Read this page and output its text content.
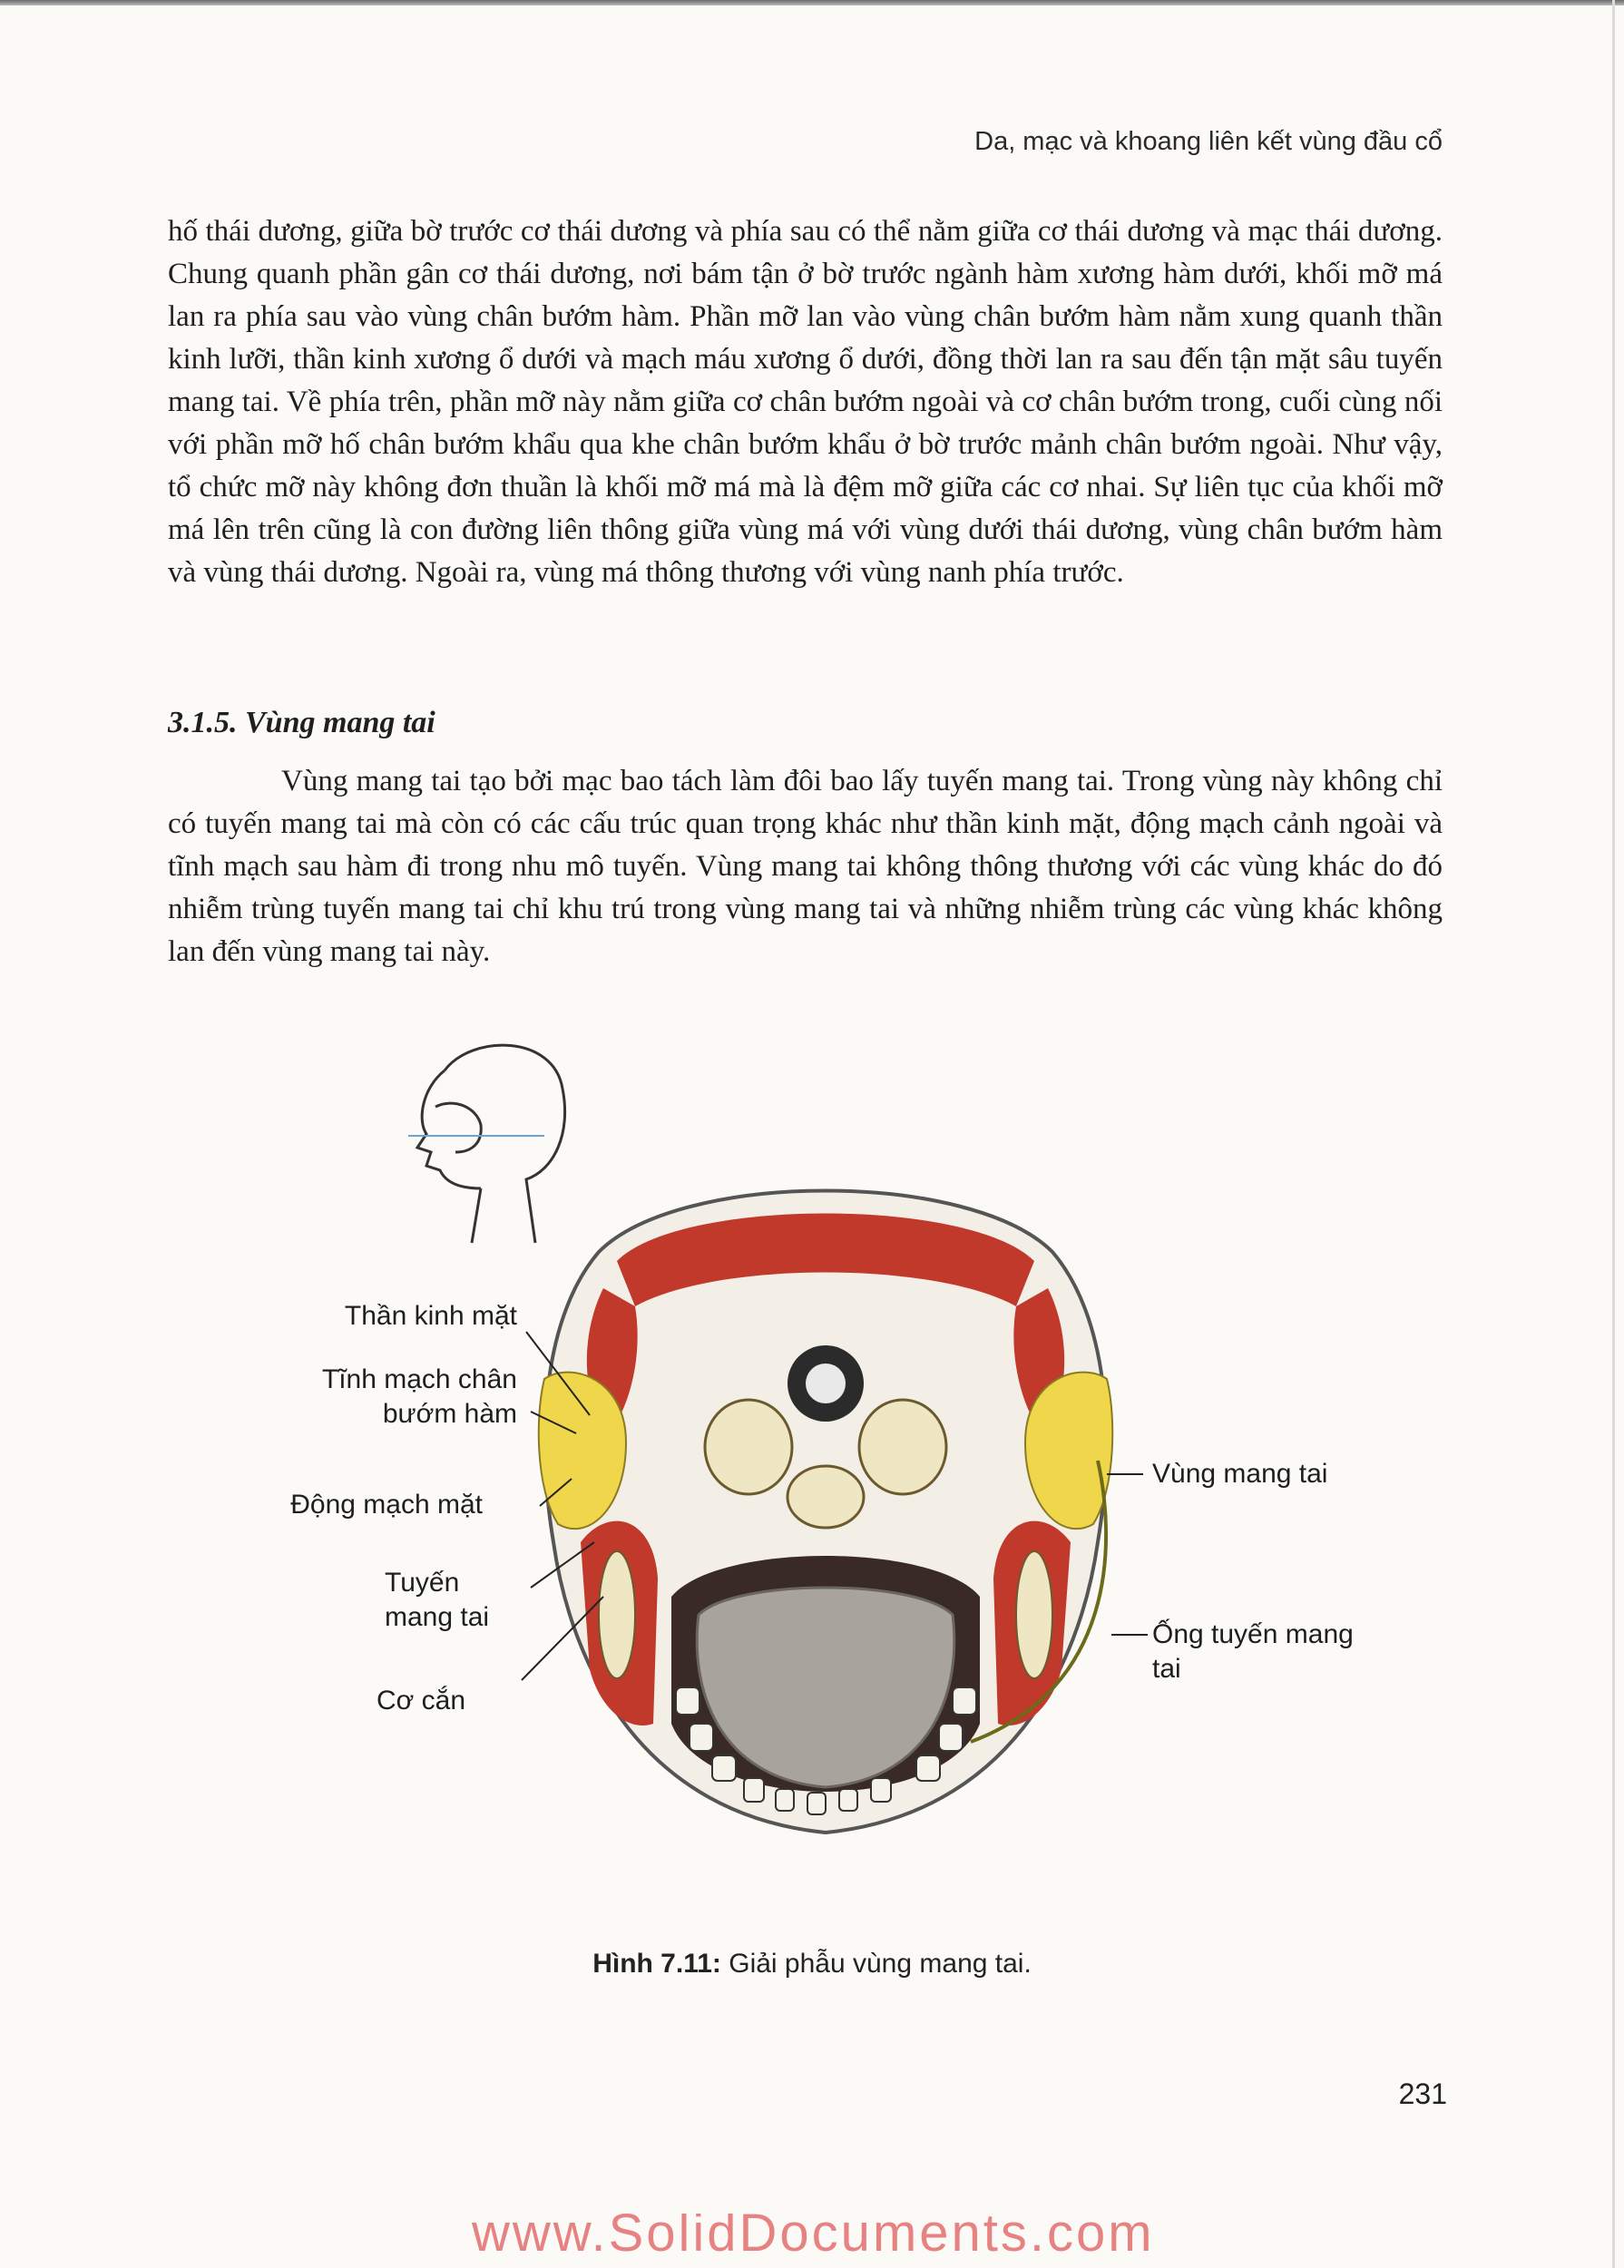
Da, mạc và khoang liên kết vùng đầu cổ

hố thái dương, giữa bờ trước cơ thái dương và phía sau có thể nằm giữa cơ thái dương và mạc thái dương. Chung quanh phần gân cơ thái dương, nơi bám tận ở bờ trước ngành hàm xương hàm dưới, khối mỡ má lan ra phía sau vào vùng chân bướm hàm. Phần mỡ lan vào vùng chân bướm hàm nằm xung quanh thần kinh lưỡi, thần kinh xương ổ dưới và mạch máu xương ổ dưới, đồng thời lan ra sau đến tận mặt sâu tuyến mang tai. Về phía trên, phần mỡ này nằm giữa cơ chân bướm ngoài và cơ chân bướm trong, cuối cùng nối với phần mỡ hố chân bướm khẩu qua khe chân bướm khẩu ở bờ trước mảnh chân bướm ngoài. Như vậy, tổ chức mỡ này không đơn thuần là khối mỡ má mà là đệm mỡ giữa các cơ nhai. Sự liên tục của khối mỡ má lên trên cũng là con đường liên thông giữa vùng má với vùng dưới thái dương, vùng chân bướm hàm và vùng thái dương. Ngoài ra, vùng má thông thương với vùng nanh phía trước.

3.1.5. Vùng mang tai

Vùng mang tai tạo bởi mạc bao tách làm đôi bao lấy tuyến mang tai. Trong vùng này không chỉ có tuyến mang tai mà còn có các cấu trúc quan trọng khác như thần kinh mặt, động mạch cảnh ngoài và tĩnh mạch sau hàm đi trong nhu mô tuyến. Vùng mang tai không thông thương với các vùng khác do đó nhiễm trùng tuyến mang tai chỉ khu trú trong vùng mang tai và những nhiễm trùng các vùng khác không lan đến vùng mang tai này.

Thần kinh mặt
Tĩnh mạch chân
bướm hàm
Động mạch mặt
Tuyến
mang tai
Cơ cắn
Vùng mang tai
Ống tuyến mang tai
Hình 7.11: Giải phẫu vùng mang tai.
231
www.SolidDocuments.com
